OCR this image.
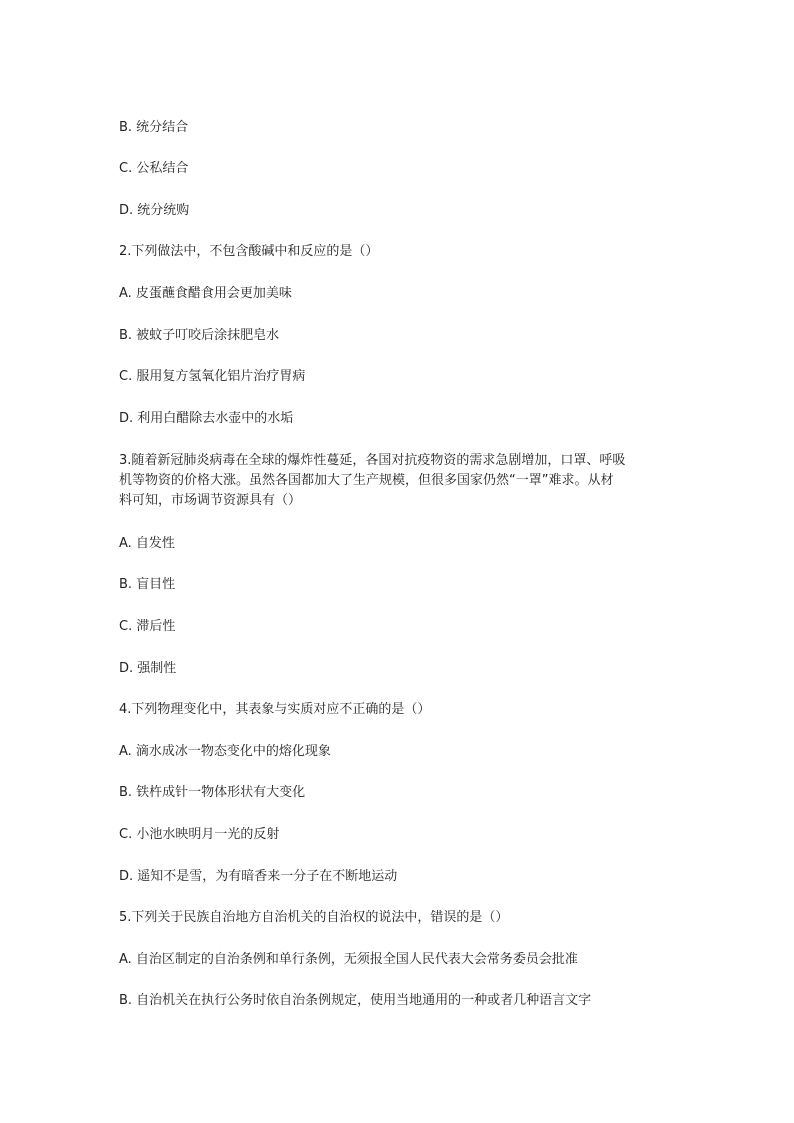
B. 统分结合
C. 公私结合
D. 统分统购
2.下列做法中，不包含酸碱中和反应的是（）
A. 皮蛋蘸食醋食用会更加美味
B. 被蚊子叮咬后涂抹肥皂水
C. 服用复方氢氧化铝片治疗胃病
D. 利用白醋除去水壶中的水垢
3.随着新冠肺炎病毒在全球的爆炸性蔓延，各国对抗疫物资的需求急剧增加，口罩、呼吸
机等物资的价格大涨。虽然各国都加大了生产规模，但很多国家仍然“一罩”难求。从材
料可知，市场调节资源具有（）
A. 自发性
B. 盲目性
C. 滞后性
D. 强制性
4.下列物理变化中，其表象与实质对应不正确的是（）
A. 滴水成冰一物态变化中的熔化现象
B. 铁杵成针一物体形状有大变化
C. 小池水映明月一光的反射
D. 遥知不是雪，为有暗香来一分子在不断地运动
5.下列关于民族自治地方自治机关的自治权的说法中，错误的是（）
A. 自治区制定的自治条例和单行条例，无须报全国人民代表大会常务委员会批准
B. 自治机关在执行公务时依自治条例规定，使用当地通用的一种或者几种语言文字
